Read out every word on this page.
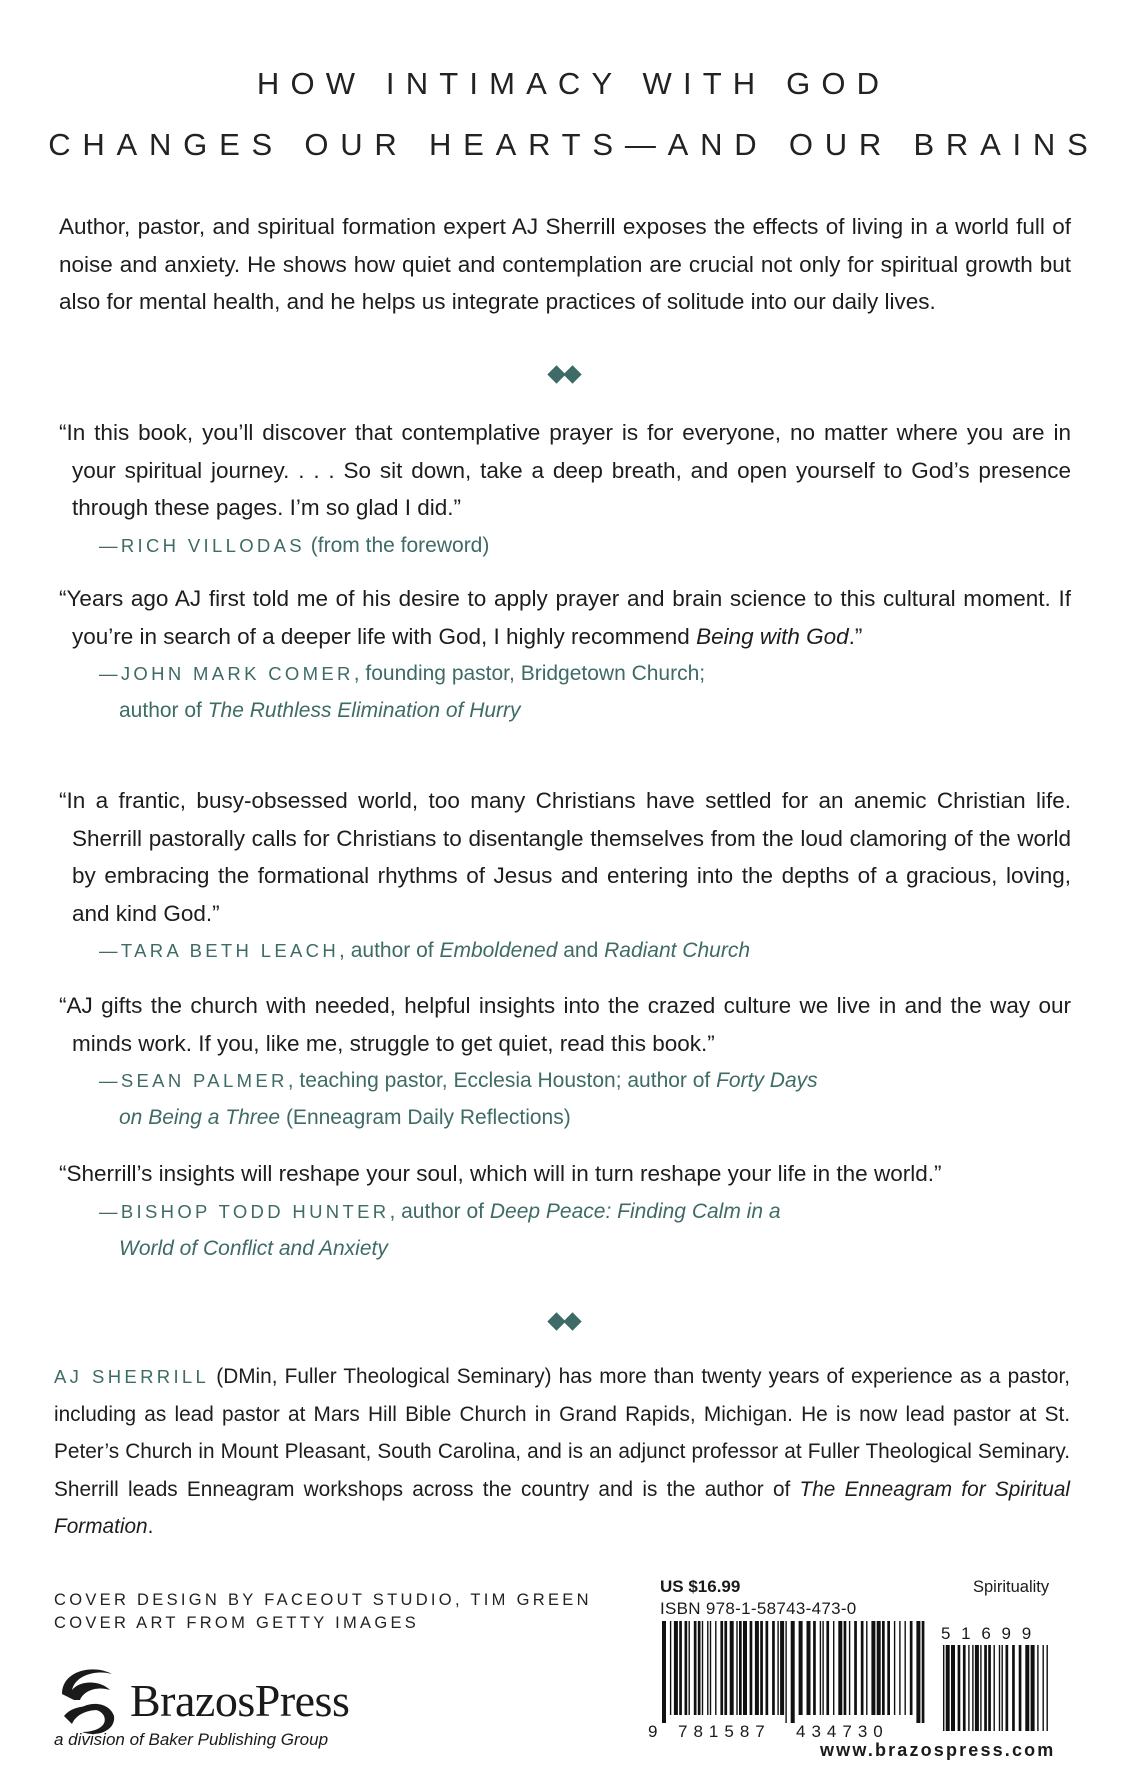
HOW INTIMACY WITH GOD
CHANGES OUR HEARTS—AND OUR BRAINS
Author, pastor, and spiritual formation expert AJ Sherrill exposes the effects of living in a world full of noise and anxiety. He shows how quiet and contemplation are crucial not only for spiritual growth but also for mental health, and he helps us integrate practices of solitude into our daily lives.
“In this book, you’ll discover that contemplative prayer is for everyone, no matter where you are in your spiritual journey. . . . So sit down, take a deep breath, and open yourself to God’s presence through these pages. I’m so glad I did.”
—RICH VILLODAS (from the foreword)
“Years ago AJ first told me of his desire to apply prayer and brain science to this cultural moment. If you’re in search of a deeper life with God, I highly recommend Being with God.”
—JOHN MARK COMER, founding pastor, Bridgetown Church;
author of The Ruthless Elimination of Hurry
“In a frantic, busy-obsessed world, too many Christians have settled for an anemic Christian life. Sherrill pastorally calls for Christians to disentangle themselves from the loud clamoring of the world by embracing the formational rhythms of Jesus and entering into the depths of a gracious, loving, and kind God.”
—TARA BETH LEACH, author of Emboldened and Radiant Church
“AJ gifts the church with needed, helpful insights into the crazed culture we live in and the way our minds work. If you, like me, struggle to get quiet, read this book.”
—SEAN PALMER, teaching pastor, Ecclesia Houston; author of Forty Days
on Being a Three (Enneagram Daily Reflections)
“Sherrill’s insights will reshape your soul, which will in turn reshape your life in the world.”
—BISHOP TODD HUNTER, author of Deep Peace: Finding Calm in a
World of Conflict and Anxiety
AJ SHERRILL (DMin, Fuller Theological Seminary) has more than twenty years of experience as a pastor, including as lead pastor at Mars Hill Bible Church in Grand Rapids, Michigan. He is now lead pastor at St. Peter’s Church in Mount Pleasant, South Carolina, and is an adjunct professor at Fuller Theological Seminary. Sherrill leads Enneagram workshops across the country and is the author of The Enneagram for Spiritual Formation.
COVER DESIGN BY FACEOUT STUDIO, TIM GREEN
COVER ART FROM GETTY IMAGES
BrazosPress
a division of Baker Publishing Group
US $16.99
ISBN 978-1-58743-473-0
Spirituality
9 781587 434730
5 1 6 9 9
www.brazospress.com
